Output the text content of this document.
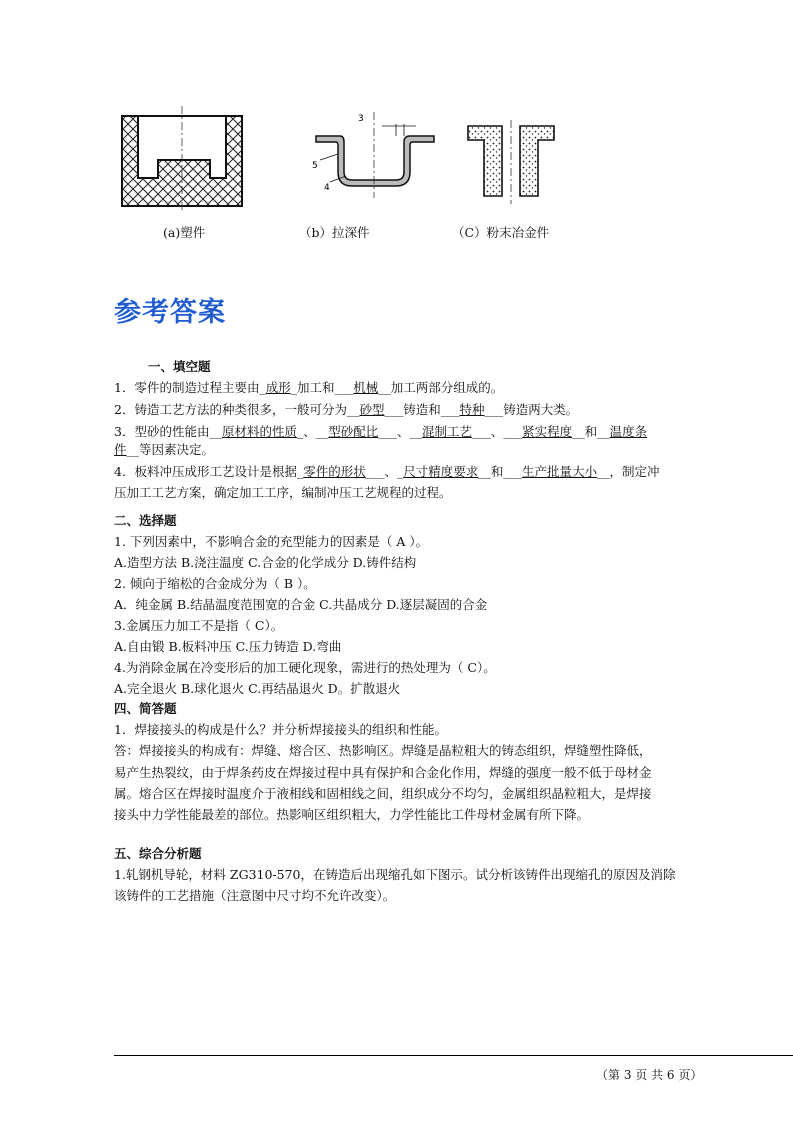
3
5
4
(a)塑件	（b）拉深件	（C）粉末冶金件
参考答案
一、填空题
1．零件的制造过程主要由_成形_加工和___机械__加工两部分组成的。
2．铸造工艺方法的种类很多，一般可分为__砂型___铸造和___特种___铸造两大类。
3．型砂的性能由__原材料的性质_、__型砂配比___、__混制工艺___、___紧实程度__和__温度条
件__等因素决定。
4．板料冲压成形工艺设计是根据_零件的形状___、_尺寸精度要求__和___生产批量大小__，制定冲
压加工工艺方案，确定加工工序，编制冲压工艺规程的过程。
二、选择题
1. 下列因素中，不影响合金的充型能力的因素是（ A ）。
A.造型方法 B.浇注温度 C.合金的化学成分 D.铸件结构
2. 倾向于缩松的合金成分为（ B ）。
A．纯金属 B.结晶温度范围宽的合金 C.共晶成分 D.逐层凝固的合金
3.金属压力加工不是指（ C）。
A.自由锻 B.板料冲压 C.压力铸造 D.弯曲
4.为消除金属在冷变形后的加工硬化现象，需进行的热处理为（ C）。
A.完全退火 B.球化退火 C.再结晶退火 D。扩散退火
四、简答题
1．焊接接头的构成是什么？并分析焊接接头的组织和性能。
答：焊接接头的构成有：焊缝、熔合区、热影响区。焊缝是晶粒粗大的铸态组织，焊缝塑性降低，
易产生热裂纹，由于焊条药皮在焊接过程中具有保护和合金化作用，焊缝的强度一般不低于母材金
属。熔合区在焊接时温度介于液相线和固相线之间，组织成分不均匀，金属组织晶粒粗大，是焊接
接头中力学性能最差的部位。热影响区组织粗大，力学性能比工件母材金属有所下降。
五、综合分析题
1.轧钢机导轮，材料 ZG310-570，在铸造后出现缩孔如下图示。试分析该铸件出现缩孔的原因及消除
该铸件的工艺措施（注意图中尺寸均不允许改变）。
（第 3 页 共 6 页）
